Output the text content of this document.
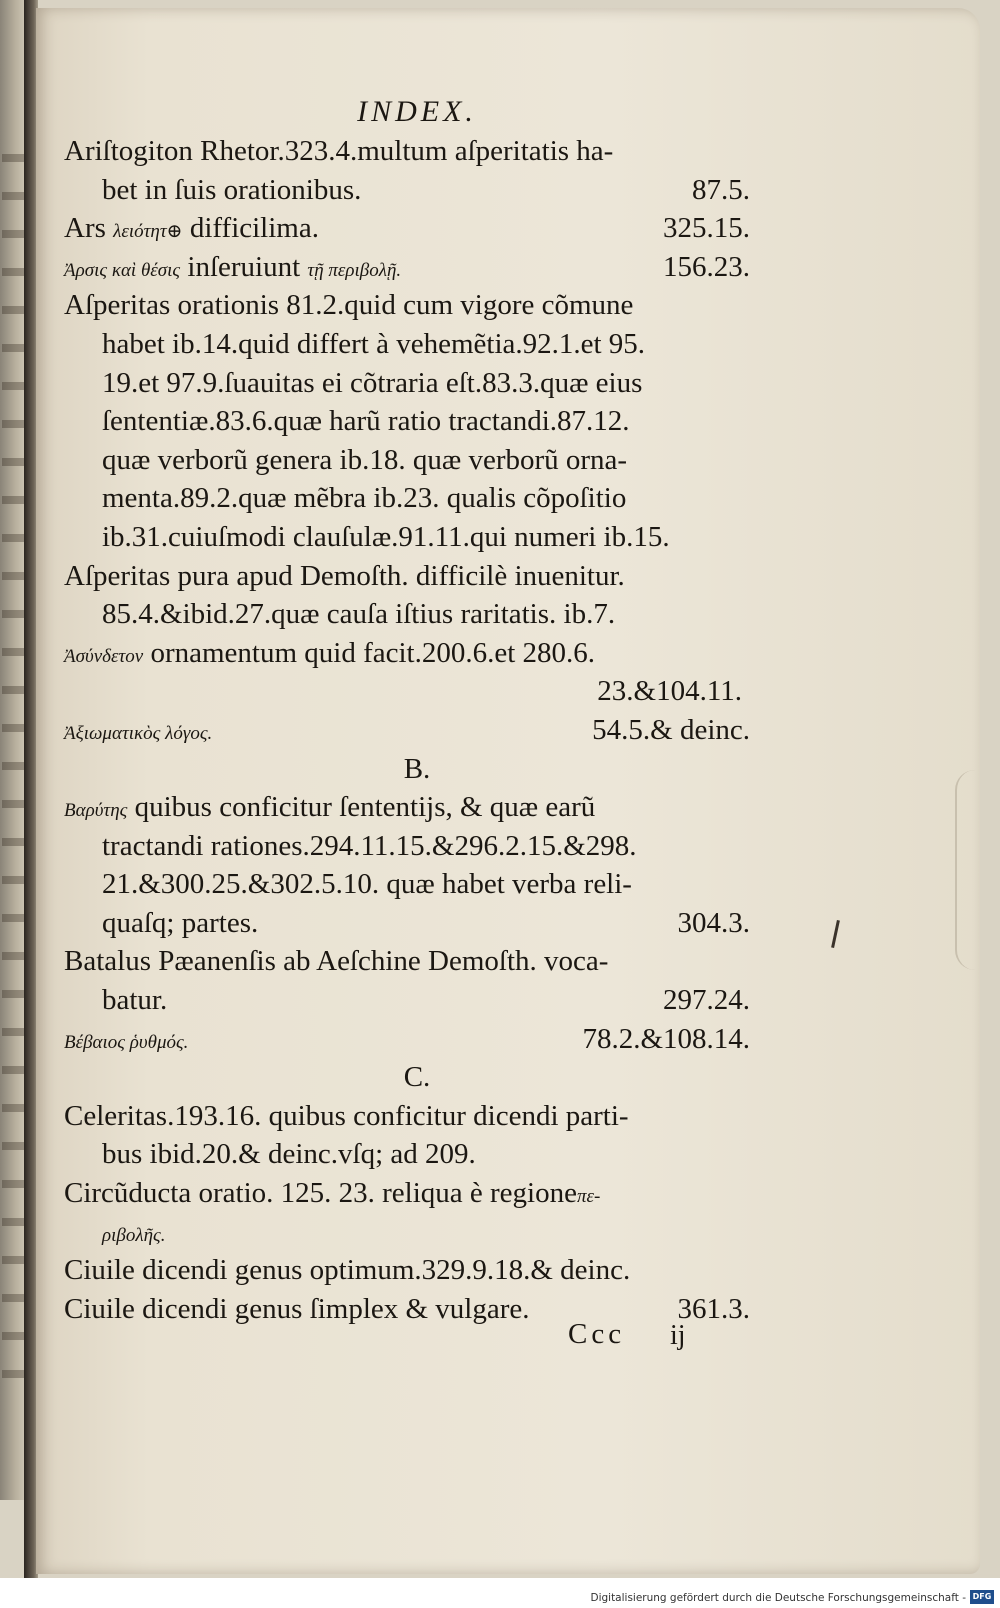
INDEX.
Ariſtogiton Rhetor.323.4.multum aſperitatis ha-
bet in ſuis orationibus.	87.5.
Ars λειότητ⊕ difficilima.	325.15.
Ἀρσις καὶ θέσις inſeruiunt τῇ περιβολῇ.	156.23.
Aſperitas orationis 81.2.quid cum vigore cõmune
habet ib.14.quid differt à vehemẽtia.92.1.et 95.
19.et 97.9.ſuauitas ei cõtraria eſt.83.3.quæ eius
ſententiæ.83.6.quæ harũ ratio tractandi.87.12.
quæ verborũ genera ib.18. quæ verborũ orna-
menta.89.2.quæ mẽbra ib.23. qualis cõpoſitio
ib.31.cuiuſmodi clauſulæ.91.11.qui numeri ib.15.
Aſperitas pura apud Demoſth. difficilè inuenitur.
85.4.&ibid.27.quæ cauſa iſtius raritatis. ib.7.
Ἀσύνδετον ornamentum quid facit.200.6.et 280.6.
23.&104.11.
Ἀξιωματικὸς λόγος.	54.5.& deinc.
B.
Βαρύτης quibus conficitur ſententijs, & quæ earũ
tractandi rationes.294.11.15.&296.2.15.&298.
21.&300.25.&302.5.10. quæ habet verba reli-
quaſq; partes.	304.3.
Batalus Pæanenſis ab Aeſchine Demoſth. voca-
batur.	297.24.
Βέβαιος ῥυθμός.	78.2.&108.14.
C.
Celeritas.193.16. quibus conficitur dicendi parti-
bus ibid.20.& deinc.vſq; ad 209.
Circũducta oratio. 125. 23. reliqua è regioneπε-
ριβολῆς.
Ciuile dicendi genus optimum.329.9.18.& deinc.
Ciuile dicendi genus ſimplex & vulgare.	361.3.
Ccc ij
Digitalisierung gefördert durch die Deutsche Forschungsgemeinschaft - DFG
